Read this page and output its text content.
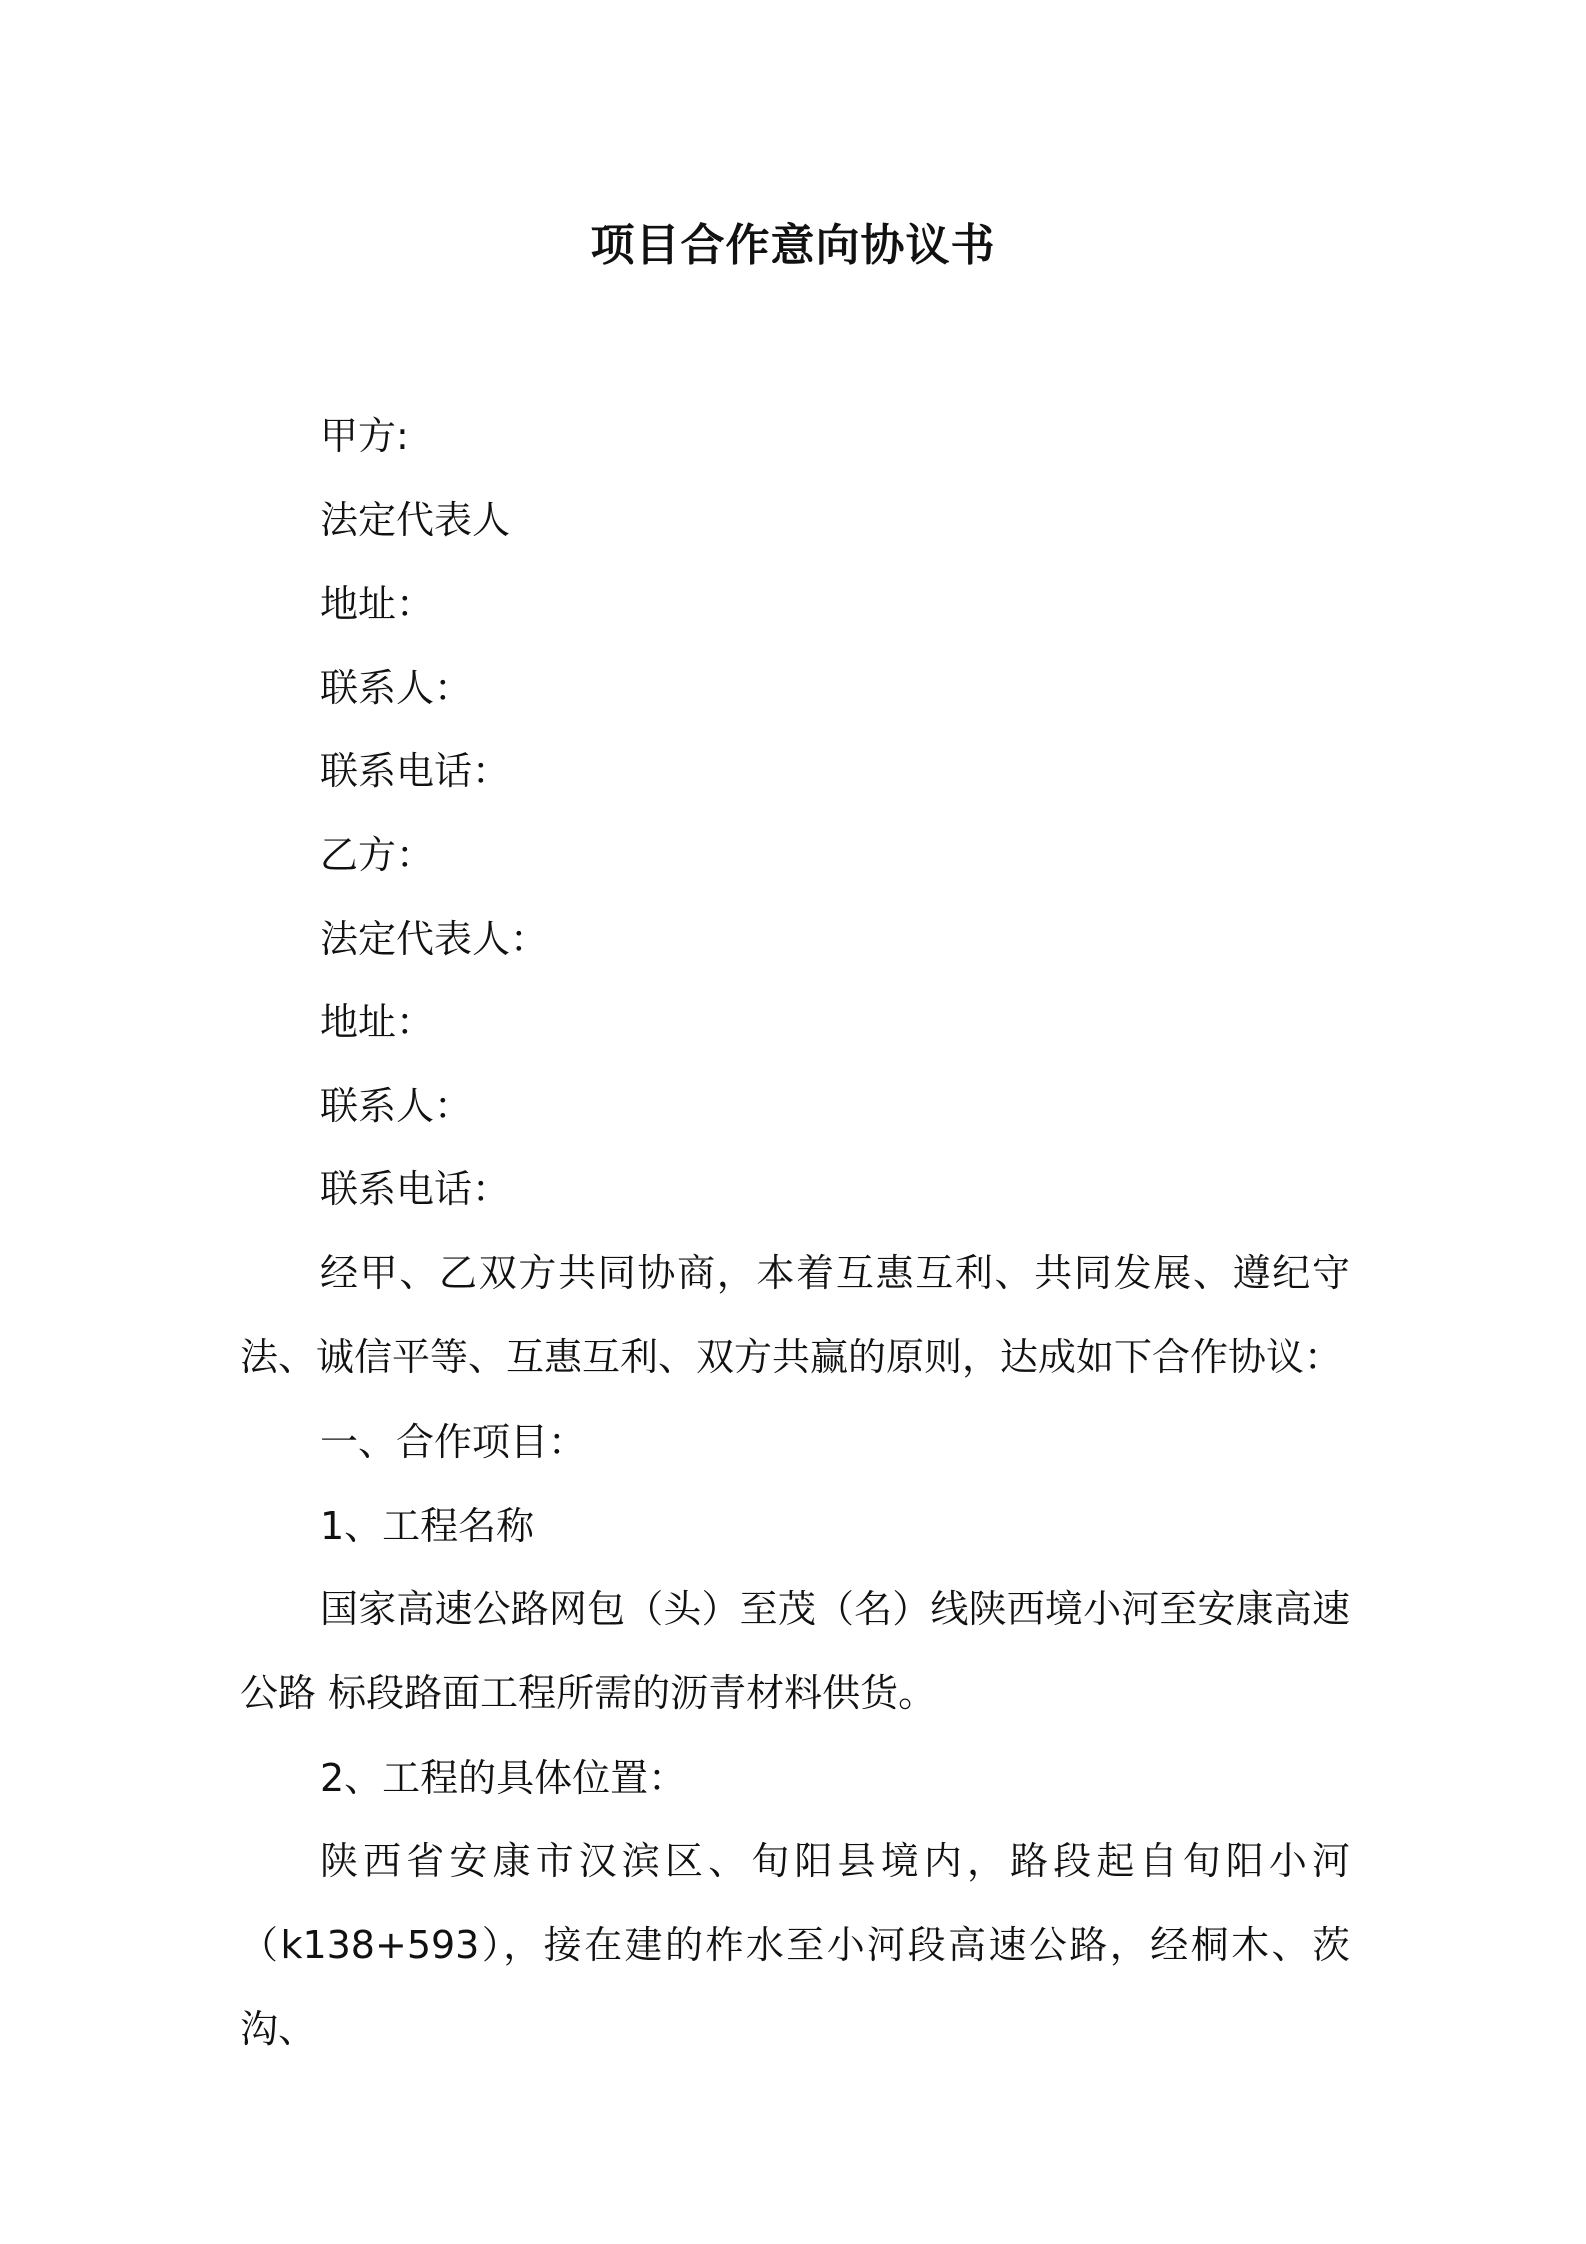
项目合作意向协议书
甲方:
法定代表人
地址：
联系人：
联系电话：
乙方：
法定代表人：
地址：
联系人：
联系电话：
经甲、乙双方共同协商，本着互惠互利、共同发展、遵纪守法、诚信平等、互惠互利、双方共赢的原则，达成如下合作协议：
一、合作项目：
1、工程名称
国家高速公路网包（头）至茂（名）线陕西境小河至安康高速公路 标段路面工程所需的沥青材料供货。
2、工程的具体位置：
陕西省安康市汉滨区、旬阳县境内，路段起自旬阳小河（k138+593），接在建的柞水至小河段高速公路，经桐木、茨沟、
